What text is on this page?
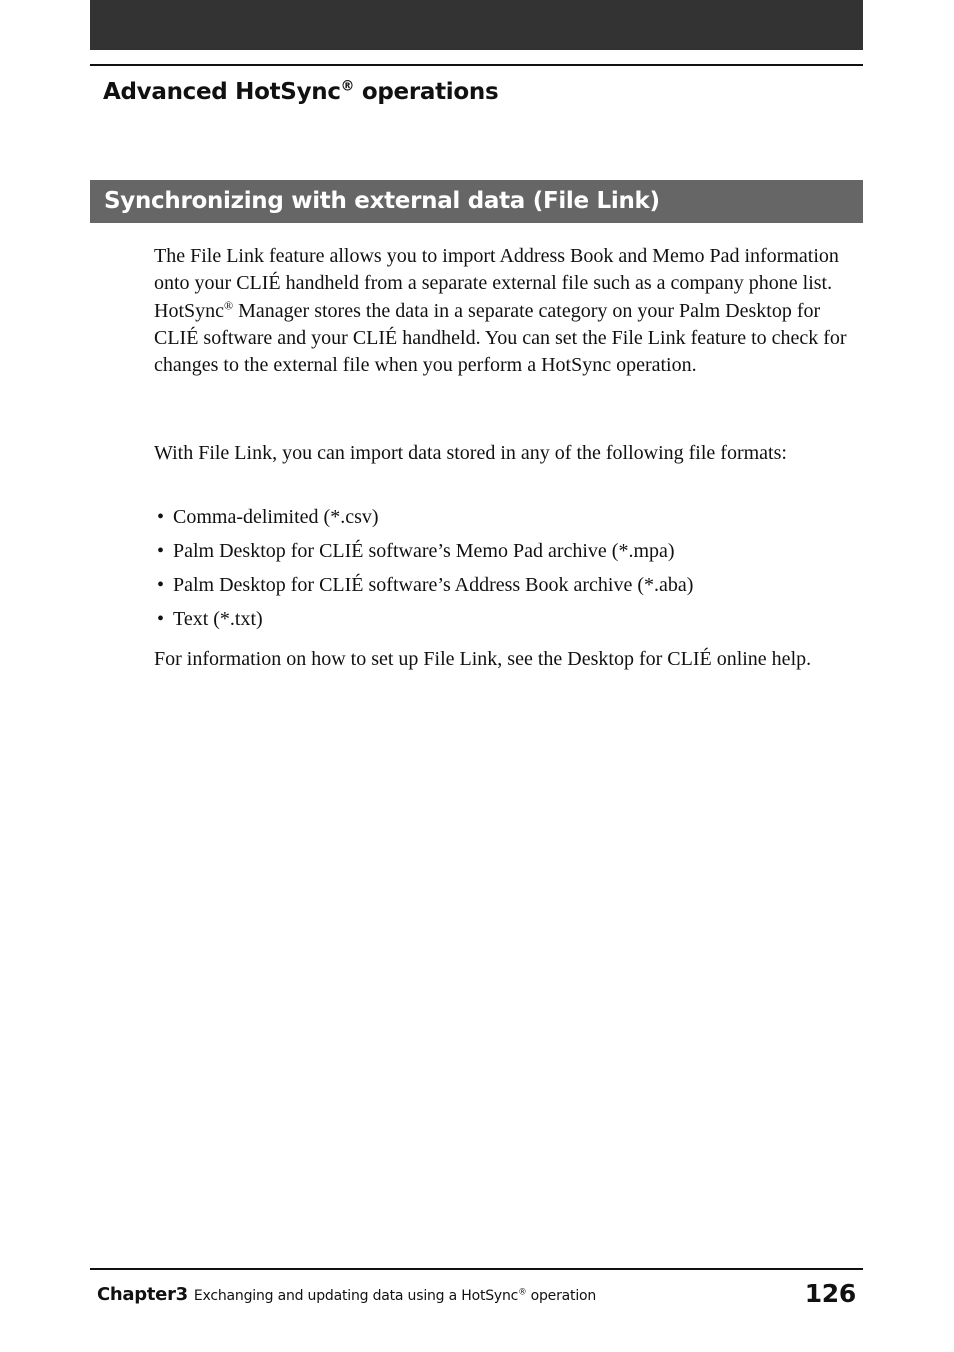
Advanced HotSync® operations
Synchronizing with external data (File Link)

The File Link feature allows you to import Address Book and Memo Pad information onto your CLIÉ handheld from a separate external file such as a company phone list. HotSync® Manager stores the data in a separate category on your Palm Desktop for CLIÉ software and your CLIÉ handheld. You can set the File Link feature to check for changes to the external file when you perform a HotSync operation.

With File Link, you can import data stored in any of the following file formats:

• Comma-delimited (*.csv)
• Palm Desktop for CLIÉ software’s Memo Pad archive (*.mpa)
• Palm Desktop for CLIÉ software’s Address Book archive (*.aba)
• Text (*.txt)

For information on how to set up File Link, see the Desktop for CLIÉ online help.

Chapter3 Exchanging and updating data using a HotSync® operation	126
